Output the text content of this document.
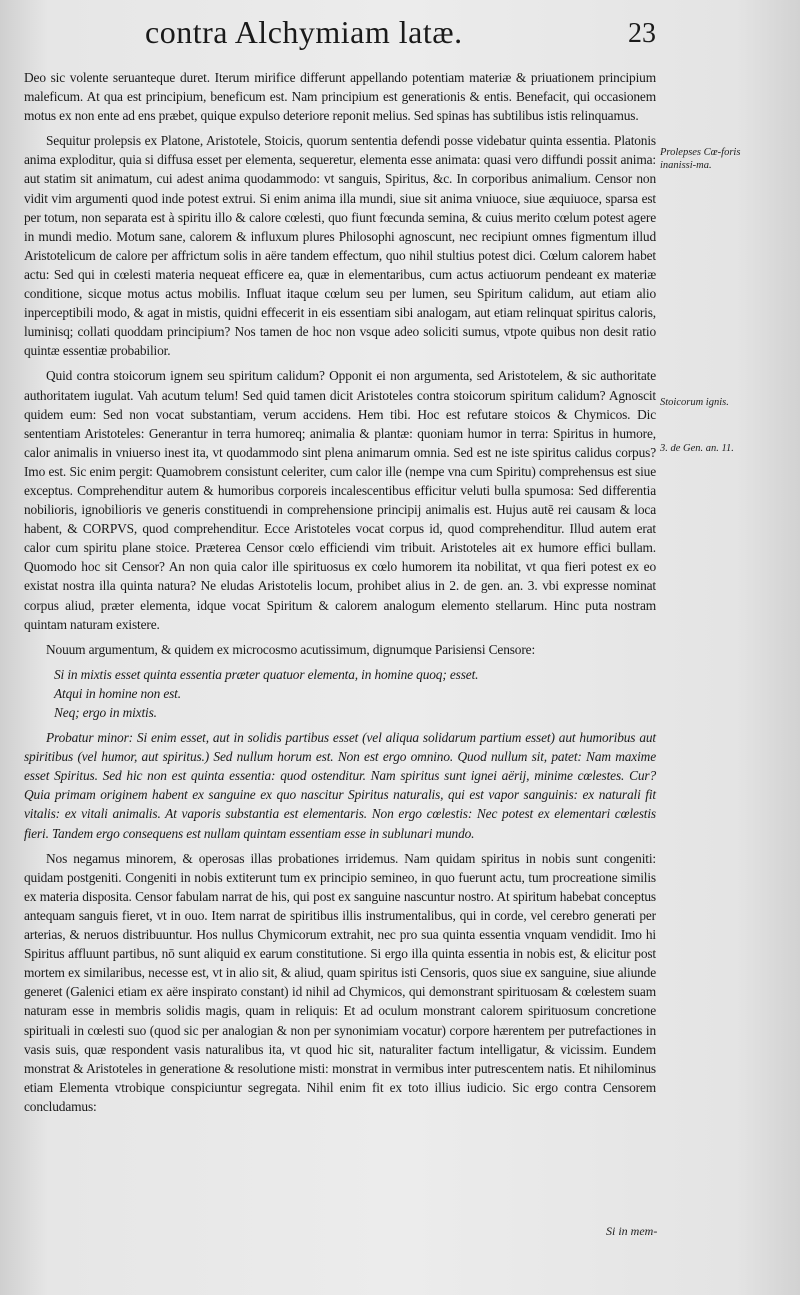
contra Alchymiam latæ.	23
Prolepses Cœ-foris inanissi-ma.
Stoicorum ignis.
3. de Gen. an. 11.

Deo sic volente seruanteque duret. Iterum mirifice differunt appellando potentiam materiæ & priuationem principium maleficum. At qua est principium, beneficum est. Nam principium est generationis & entis. Benefacit, qui occasionem motus ex non ente ad ens præbet, quique expulso deteriore reponit melius. Sed spinas has subtilibus istis relinquamus.

Sequitur prolepsis ex Platone, Aristotele, Stoicis, quorum sententia defendi posse videbatur quinta essentia. Platonis anima exploditur, quia si diffusa esset per elementa, sequeretur, elementa esse animata: quasi vero diffundi possit anima: aut statim sit animatum, cui adest anima quodammodo: vt sanguis, Spiritus, &c. In corporibus animalium. Censor non vidit vim argumenti quod inde potest extrui. Si enim anima illa mundi, siue sit anima vniuoce, siue æquiuoce, sparsa est per totum, non separata est à spiritu illo & calore cœlesti, quo fiunt fœcunda semina, & cuius merito cœlum potest agere in mundi medio. Motum sane, calorem & influxum plures Philosophi agnoscunt, nec recipiunt omnes figmentum illud Aristotelicum de calore per affrictum solis in aëre tandem effectum, quo nihil stultius potest dici. Cœlum calorem habet actu: Sed qui in cœlesti materia nequeat efficere ea, quæ in elementaribus, cum actus actiuorum pendeant ex materiæ conditione, sicque motus actus mobilis. Influat itaque cœlum seu per lumen, seu Spiritum calidum, aut etiam alio inperceptibili modo, & agat in mistis, quidni effecerit in eis essentiam sibi analogam, aut etiam relinquat spiritus caloris, luminisq; collati quoddam principium? Nos tamen de hoc non vsque adeo soliciti sumus, vtpote quibus non desit ratio quintæ essentiæ probabilior.

Quid contra stoicorum ignem seu spiritum calidum? Opponit ei non argumenta, sed Aristotelem, & sic authoritate authoritatem iugulat. Vah acutum telum! Sed quid tamen dicit Aristoteles contra stoicorum spiritum calidum? Agnoscit quidem eum: Sed non vocat substantiam, verum accidens. Hem tibi. Hoc est refutare stoicos & Chymicos. Dic sententiam Aristoteles: Generantur in terra humoreq; animalia & plantæ: quoniam humor in terra: Spiritus in humore, calor animalis in vniuerso inest ita, vt quodammodo sint plena animarum omnia. Sed est ne iste spiritus calidus corpus? Imo est. Sic enim pergit: Quamobrem consistunt celeriter, cum calor ille (nempe vna cum Spiritu) comprehensus est siue exceptus. Comprehenditur autem & humoribus corporeis incalescentibus efficitur veluti bulla spumosa: Sed differentia nobilioris, ignobilioris ve generis constituendi in comprehensione principij animalis est. Hujus autē rei causam & loca habent, & CORPVS, quod comprehenditur. Ecce Aristoteles vocat corpus id, quod comprehenditur. Illud autem erat calor cum spiritu plane stoice. Præterea Censor cœlo efficiendi vim tribuit. Aristoteles ait ex humore effici bullam. Quomodo hoc sit Censor? An non quia calor ille spirituosus ex cœlo humorem ita nobilitat, vt qua fieri potest ex eo existat nostra illa quinta natura? Ne eludas Aristotelis locum, prohibet alius in 2. de gen. an. 3. vbi expresse nominat corpus aliud, præter elementa, idque vocat Spiritum & calorem analogum elemento stellarum. Hinc puta nostram quintam naturam existere.

Nouum argumentum, & quidem ex microcosmo acutissimum, dignumque Parisiensi Censore:

Si in mixtis esset quinta essentia præter quatuor elementa, in homine quoq; esset.
Atqui in homine non est.
Neq; ergo in mixtis.

Probatur minor: Si enim esset, aut in solidis partibus esset (vel aliqua solidarum partium esset) aut humoribus aut spiritibus (vel humor, aut spiritus.) Sed nullum horum est. Non est ergo omnino. Quod nullum sit, patet: Nam maxime esset Spiritus. Sed hic non est quinta essentia: quod ostenditur. Nam spiritus sunt ignei aërij, minime cœlestes. Cur? Quia primam originem habent ex sanguine ex quo nascitur Spiritus naturalis, qui est vapor sanguinis: ex naturali fit vitalis: ex vitali animalis. At vaporis substantia est elementaris. Non ergo cœlestis: Nec potest ex elementari cœlestis fieri. Tandem ergo consequens est nullam quintam essentiam esse in sublunari mundo.

Nos negamus minorem, & operosas illas probationes irridemus. Nam quidam spiritus in nobis sunt congeniti: quidam postgeniti. Congeniti in nobis extiterunt tum ex principio semineo, in quo fuerunt actu, tum procreatione similis ex materia disposita. Censor fabulam narrat de his, qui post ex sanguine nascuntur nostro. At spiritum habebat conceptus antequam sanguis fieret, vt in ouo. Item narrat de spiritibus illis instrumentalibus, qui in corde, vel cerebro generati per arterias, & neruos distribuuntur. Hos nullus Chymicorum extrahit, nec pro sua quinta essentia vnquam vendidit. Imo hi Spiritus affluunt partibus, nō sunt aliquid ex earum constitutione. Si ergo illa quinta essentia in nobis est, & elicitur post mortem ex similaribus, necesse est, vt in alio sit, & aliud, quam spiritus isti Censoris, quos siue ex sanguine, siue aliunde generet (Galenici etiam ex aëre inspirato constant) id nihil ad Chymicos, qui demonstrant spirituosam & cœlestem suam naturam esse in membris solidis magis, quam in reliquis: Et ad oculum monstrant calorem spirituosum concretione spirituali in cœlesti suo (quod sic per analogian & non per synonimiam vocatur) corpore hærentem per putrefactiones in vasis suis, quæ respondent vasis naturalibus ita, vt quod hic sit, naturaliter factum intelligatur, & vicissim. Eundem monstrat & Aristoteles in generatione & resolutione misti: monstrat in vermibus inter putrescentem natis. Et nihilominus etiam Elementa vtrobique conspiciuntur segregata. Nihil enim fit ex toto illius iudicio. Sic ergo contra Censorem concludamus:

Si in mem-
